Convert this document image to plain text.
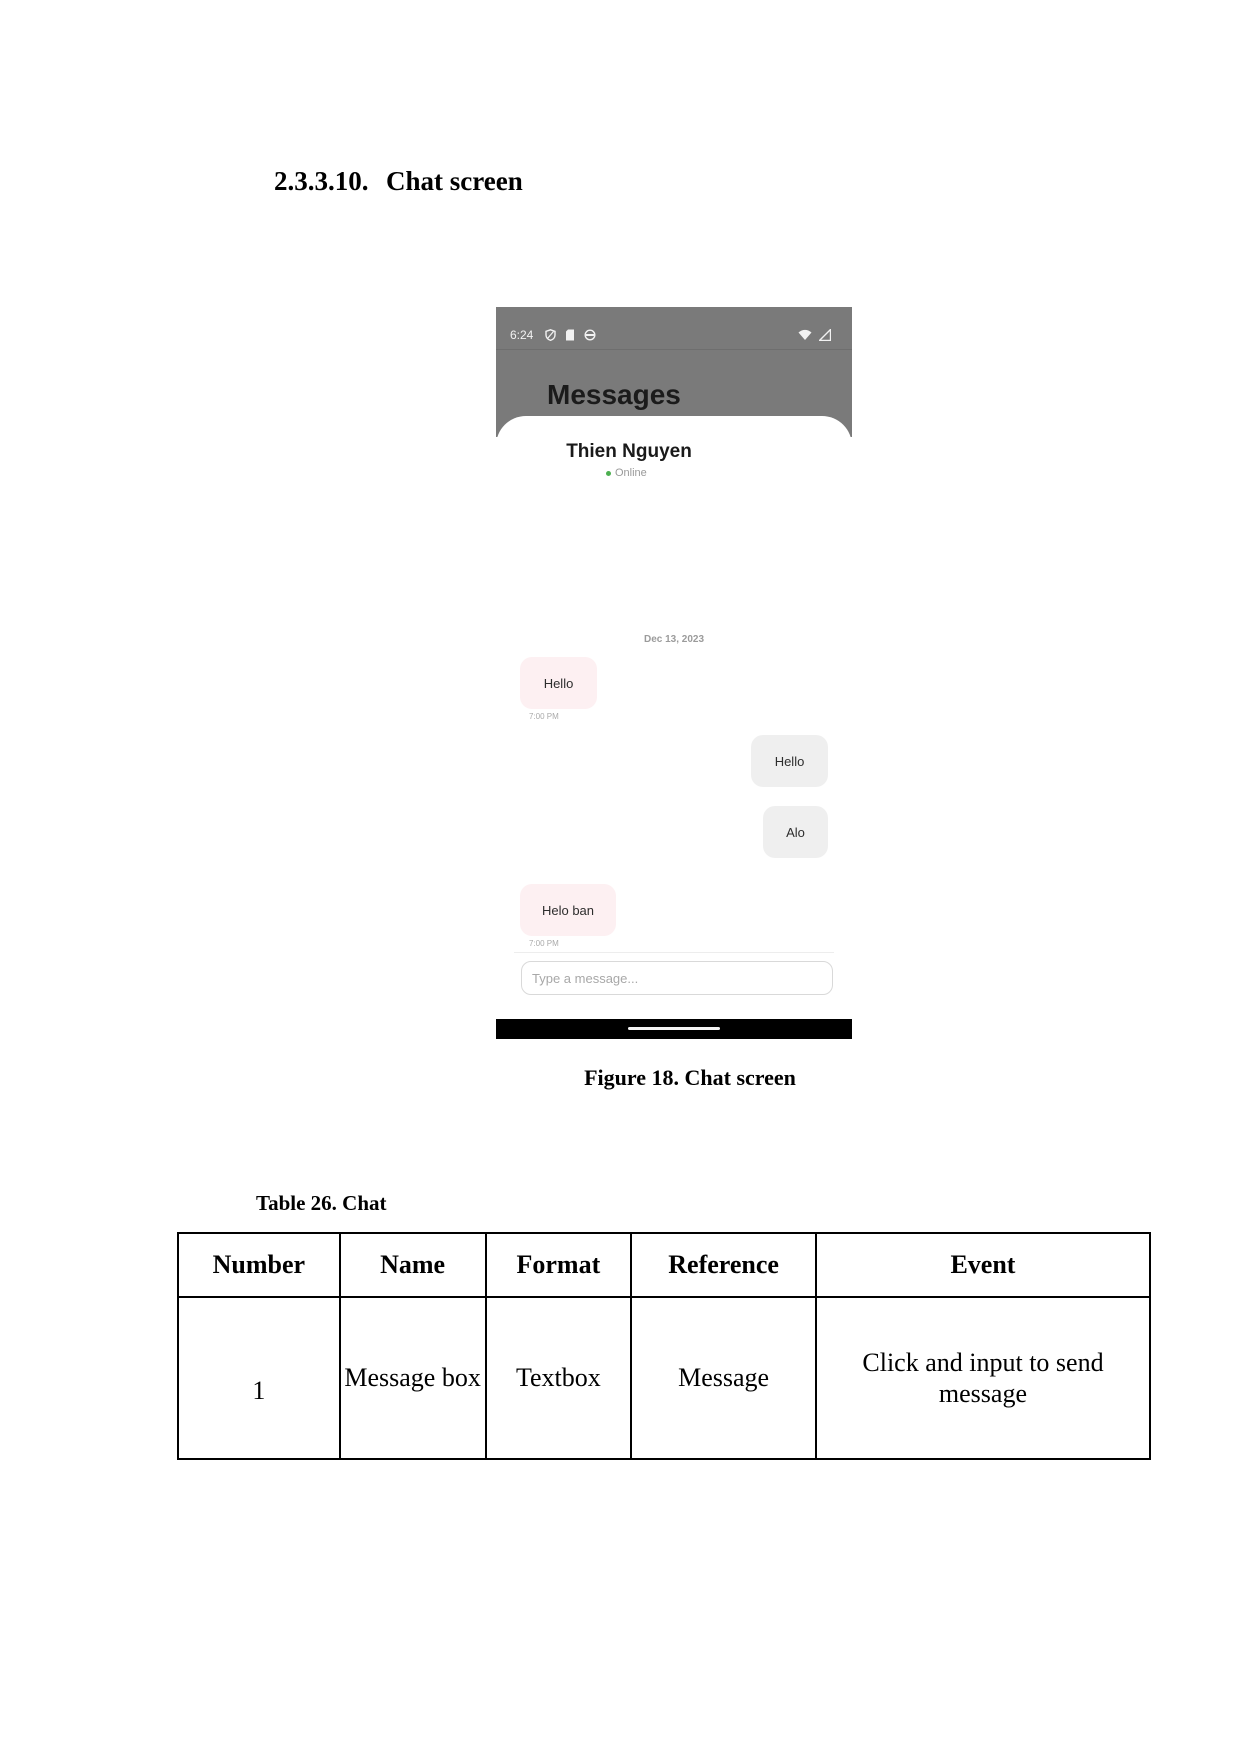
2.3.3.10. Chat screen
6:24
Messages
Thien Nguyen
Online
Dec 13, 2023
Hello
7:00 PM
Hello
Alo
Helo ban
7:00 PM
Type a message...
Figure 18. Chat screen
Table 26. Chat
Number	Name	Format	Reference	Event
1	Message box	Textbox	Message	Click and input to send message
